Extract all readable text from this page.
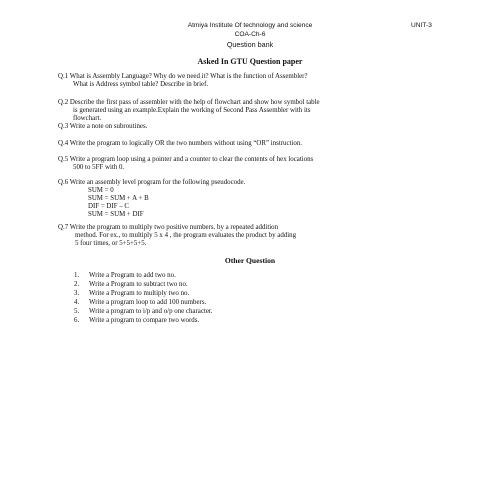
Atmiya Institute Of technology and science	UNIT-3
COA-Ch-6
Question bank
Asked In GTU Question paper
Q.1 What is Assembly Language? Why do we need it? What is the function of Assembler?
What is Address symbol table? Describe in brief.
Q.2 Describe the first pass of assembler with the help of flowchart and show how symbol table
is generated using an example.Explain the working of Second Pass Assembler with its
flowchart.
Q.3 Write a note on subroutines.
Q.4 Write the program to logically OR the two numbers without using “OR” instruction.
Q.5 Write a program loop using a pointer and a counter to clear the contents of hex locations
500 to 5FF with 0.
Q.6 Write an assembly level program for the following pseudocode.
SUM = 0
SUM = SUM + A + B
DIF = DIF – C
SUM = SUM + DIF
Q.7 Write the program to multiply two positive numbers. by a repeated addition
method. For ex., to multiply 5 x 4 , the program evaluates the product by adding
5 four times, or 5+5+5+5.
Other Question
1. Write a Program to add two no.
2. Write a Program to subtract two no.
3. Write a Program to multiply two no.
4. Write a program loop to add 100 numbers.
5. Write a program to i/p and o/p one character.
6. Write a program to compare two words.
